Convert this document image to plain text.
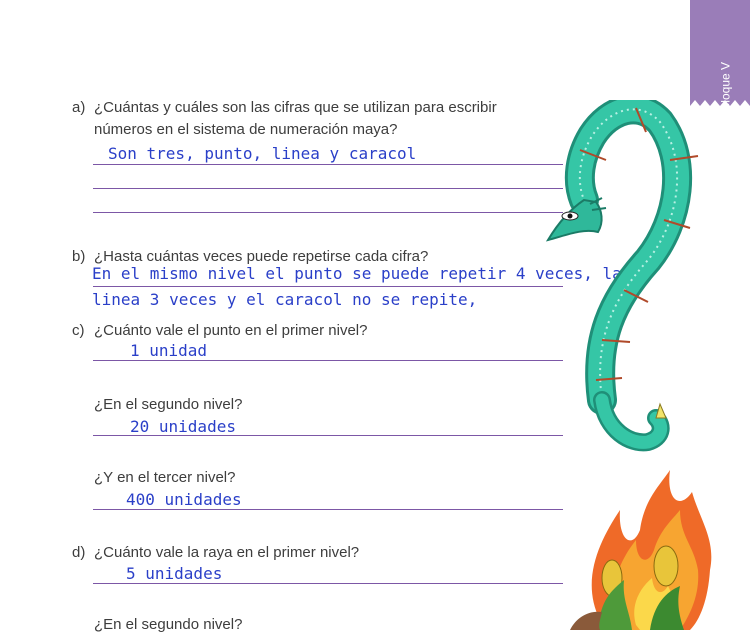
Bloque V
a) ¿Cuántas y cuáles son las cifras que se utilizan para escribir
números en el sistema de numeración maya?
Son tres, punto, linea y caracol
b) ¿Hasta cuántas veces puede repetirse cada cifra?
En el mismo nivel el punto se puede repetir 4 veces, la
linea 3 veces y el caracol no se repite,
c) ¿Cuánto vale el punto en el primer nivel?
1 unidad
¿En el segundo nivel?
20 unidades
¿Y en el tercer nivel?
400 unidades
d) ¿Cuánto vale la raya en el primer nivel?
5 unidades
¿En el segundo nivel?
